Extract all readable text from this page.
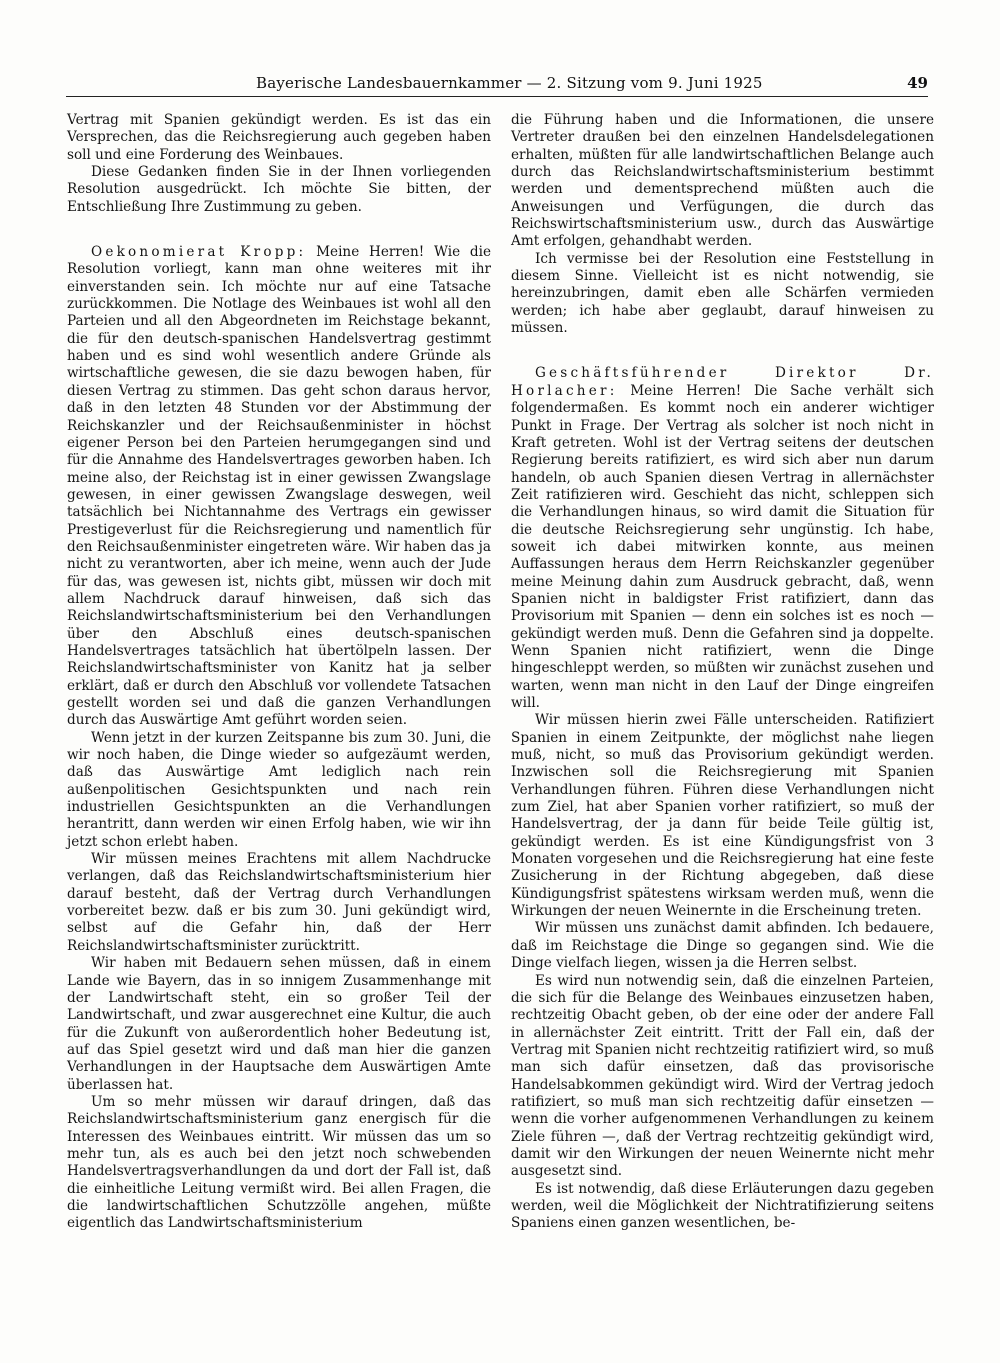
Bayerische Landesbauernkammer — 2. Sitzung vom 9. Juni 1925	49

Vertrag mit Spanien gekündigt werden. Es ist das ein Versprechen, das die Reichsregierung auch gegeben haben soll und eine Forderung des Weinbaues.

Diese Gedanken finden Sie in der Ihnen vorliegenden Resolution ausgedrückt. Ich möchte Sie bitten, der Entschließung Ihre Zustimmung zu geben.

Oekonomierat Kropp: Meine Herren! Wie die Resolution vorliegt, kann man ohne weiteres mit ihr einverstanden sein. Ich möchte nur auf eine Tatsache zurückkommen. Die Notlage des Weinbaues ist wohl all den Parteien und all den Abgeordneten im Reichstage bekannt, die für den deutsch-spanischen Handelsvertrag gestimmt haben und es sind wohl wesentlich andere Gründe als wirtschaftliche gewesen, die sie dazu bewogen haben, für diesen Vertrag zu stimmen. Das geht schon daraus hervor, daß in den letzten 48 Stunden vor der Abstimmung der Reichskanzler und der Reichsaußenminister in höchst eigener Person bei den Parteien herumgegangen sind und für die Annahme des Handelsvertrages geworben haben. Ich meine also, der Reichstag ist in einer gewissen Zwangslage gewesen, in einer gewissen Zwangslage deswegen, weil tatsächlich bei Nichtannahme des Vertrags ein gewisser Prestigeverlust für die Reichsregierung und namentlich für den Reichsaußenminister eingetreten wäre. Wir haben das ja nicht zu verantworten, aber ich meine, wenn auch der Jude für das, was gewesen ist, nichts gibt, müssen wir doch mit allem Nachdruck darauf hinweisen, daß sich das Reichslandwirtschaftsministerium bei den Verhandlungen über den Abschluß eines deutsch-spanischen Handelsvertrages tatsächlich hat übertölpeln lassen. Der Reichslandwirtschaftsminister von Kanitz hat ja selber erklärt, daß er durch den Abschluß vor vollendete Tatsachen gestellt worden sei und daß die ganzen Verhandlungen durch das Auswärtige Amt geführt worden seien.

Wenn jetzt in der kurzen Zeitspanne bis zum 30. Juni, die wir noch haben, die Dinge wieder so aufgezäumt werden, daß das Auswärtige Amt lediglich nach rein außenpolitischen Gesichtspunkten und nach rein industriellen Gesichtspunkten an die Verhandlungen herantritt, dann werden wir einen Erfolg haben, wie wir ihn jetzt schon erlebt haben.

Wir müssen meines Erachtens mit allem Nachdrucke verlangen, daß das Reichslandwirtschaftsministerium hier darauf besteht, daß der Vertrag durch Verhandlungen vorbereitet bezw. daß er bis zum 30. Juni gekündigt wird, selbst auf die Gefahr hin, daß der Herr Reichslandwirtschaftsminister zurücktritt.

Wir haben mit Bedauern sehen müssen, daß in einem Lande wie Bayern, das in so innigem Zusammenhange mit der Landwirtschaft steht, ein so großer Teil der Landwirtschaft, und zwar ausgerechnet eine Kultur, die auch für die Zukunft von außerordentlich hoher Bedeutung ist, auf das Spiel gesetzt wird und daß man hier die ganzen Verhandlungen in der Hauptsache dem Auswärtigen Amte überlassen hat.

Um so mehr müssen wir darauf dringen, daß das Reichslandwirtschaftsministerium ganz energisch für die Interessen des Weinbaues eintritt. Wir müssen das um so mehr tun, als es auch bei den jetzt noch schwebenden Handelsvertragsverhandlungen da und dort der Fall ist, daß die einheitliche Leitung vermißt wird. Bei allen Fragen, die die landwirtschaftlichen Schutzzölle angehen, müßte eigentlich das Landwirtschaftsministerium

die Führung haben und die Informationen, die unsere Vertreter draußen bei den einzelnen Handelsdelegationen erhalten, müßten für alle landwirtschaftlichen Belange auch durch das Reichslandwirtschaftsministerium bestimmt werden und dementsprechend müßten auch die Anweisungen und Verfügungen, die durch das Reichswirtschaftsministerium usw., durch das Auswärtige Amt erfolgen, gehandhabt werden.

Ich vermisse bei der Resolution eine Feststellung in diesem Sinne. Vielleicht ist es nicht notwendig, sie hereinzubringen, damit eben alle Schärfen vermieden werden; ich habe aber geglaubt, darauf hinweisen zu müssen.

Geschäftsführender Direktor Dr. Horlacher: Meine Herren! Die Sache verhält sich folgendermaßen. Es kommt noch ein anderer wichtiger Punkt in Frage. Der Vertrag als solcher ist noch nicht in Kraft getreten. Wohl ist der Vertrag seitens der deutschen Regierung bereits ratifiziert, es wird sich aber nun darum handeln, ob auch Spanien diesen Vertrag in allernächster Zeit ratifizieren wird. Geschieht das nicht, schleppen sich die Verhandlungen hinaus, so wird damit die Situation für die deutsche Reichsregierung sehr ungünstig. Ich habe, soweit ich dabei mitwirken konnte, aus meinen Auffassungen heraus dem Herrn Reichskanzler gegenüber meine Meinung dahin zum Ausdruck gebracht, daß, wenn Spanien nicht in baldigster Frist ratifiziert, dann das Provisorium mit Spanien — denn ein solches ist es noch — gekündigt werden muß. Denn die Gefahren sind ja doppelte. Wenn Spanien nicht ratifiziert, wenn die Dinge hingeschleppt werden, so müßten wir zunächst zusehen und warten, wenn man nicht in den Lauf der Dinge eingreifen will.

Wir müssen hierin zwei Fälle unterscheiden. Ratifiziert Spanien in einem Zeitpunkte, der möglichst nahe liegen muß, nicht, so muß das Provisorium gekündigt werden. Inzwischen soll die Reichsregierung mit Spanien Verhandlungen führen. Führen diese Verhandlungen nicht zum Ziel, hat aber Spanien vorher ratifiziert, so muß der Handelsvertrag, der ja dann für beide Teile gültig ist, gekündigt werden. Es ist eine Kündigungsfrist von 3 Monaten vorgesehen und die Reichsregierung hat eine feste Zusicherung in der Richtung abgegeben, daß diese Kündigungsfrist spätestens wirksam werden muß, wenn die Wirkungen der neuen Weinernte in die Erscheinung treten.

Wir müssen uns zunächst damit abfinden. Ich bedauere, daß im Reichstage die Dinge so gegangen sind. Wie die Dinge vielfach liegen, wissen ja die Herren selbst.

Es wird nun notwendig sein, daß die einzelnen Parteien, die sich für die Belange des Weinbaues einzusetzen haben, rechtzeitig Obacht geben, ob der eine oder der andere Fall in allernächster Zeit eintritt. Tritt der Fall ein, daß der Vertrag mit Spanien nicht rechtzeitig ratifiziert wird, so muß man sich dafür einsetzen, daß das provisorische Handelsabkommen gekündigt wird. Wird der Vertrag jedoch ratifiziert, so muß man sich rechtzeitig dafür einsetzen — wenn die vorher aufgenommenen Verhandlungen zu keinem Ziele führen —, daß der Vertrag rechtzeitig gekündigt wird, damit wir den Wirkungen der neuen Weinernte nicht mehr ausgesetzt sind.

Es ist notwendig, daß diese Erläuterungen dazu gegeben werden, weil die Möglichkeit der Nichtratifizierung seitens Spaniens einen ganzen wesentlichen, be-
